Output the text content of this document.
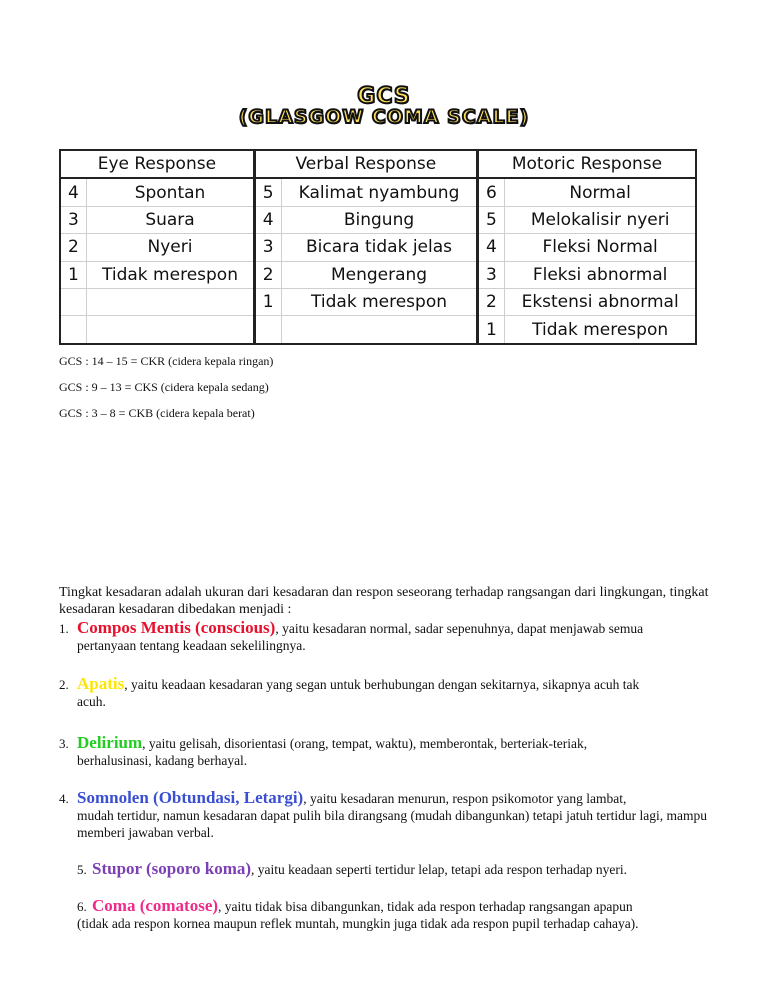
GCS
(GLASGOW COMA SCALE)
Eye Response		Verbal Response		Motoric Response	
4	Spontan	5	Kalimat nyambung	6	Normal
3	Suara	4	Bingung	5	Melokalisir nyeri
2	Nyeri	3	Bicara tidak jelas	4	Fleksi Normal
1	Tidak merespon	2	Mengerang	3	Fleksi abnormal
		1	Tidak merespon	2	Ekstensi abnormal
				1	Tidak merespon
GCS : 14 – 15 = CKR (cidera kepala ringan)
GCS : 9 – 13 = CKS (cidera kepala sedang)
GCS : 3 – 8 = CKB (cidera kepala berat)
Tingkat kesadaran adalah ukuran dari kesadaran dan respon seseorang terhadap rangsangan dari lingkungan, tingkat kesadaran kesadaran dibedakan menjadi :
1. Compos Mentis (conscious), yaitu kesadaran normal, sadar sepenuhnya, dapat menjawab semua
pertanyaan tentang keadaan sekelilingnya.
2. Apatis, yaitu keadaan kesadaran yang segan untuk berhubungan dengan sekitarnya, sikapnya acuh tak
acuh.
3. Delirium, yaitu gelisah, disorientasi (orang, tempat, waktu), memberontak, berteriak-teriak,
berhalusinasi, kadang berhayal.
4. Somnolen (Obtundasi, Letargi), yaitu kesadaran menurun, respon psikomotor yang lambat,
mudah tertidur, namun kesadaran dapat pulih bila dirangsang (mudah dibangunkan) tetapi jatuh tertidur lagi, mampu memberi jawaban verbal.
5. Stupor (soporo koma), yaitu keadaan seperti tertidur lelap, tetapi ada respon terhadap nyeri.
6. Coma (comatose), yaitu tidak bisa dibangunkan, tidak ada respon terhadap rangsangan apapun
(tidak ada respon kornea maupun reflek muntah, mungkin juga tidak ada respon pupil terhadap cahaya).
